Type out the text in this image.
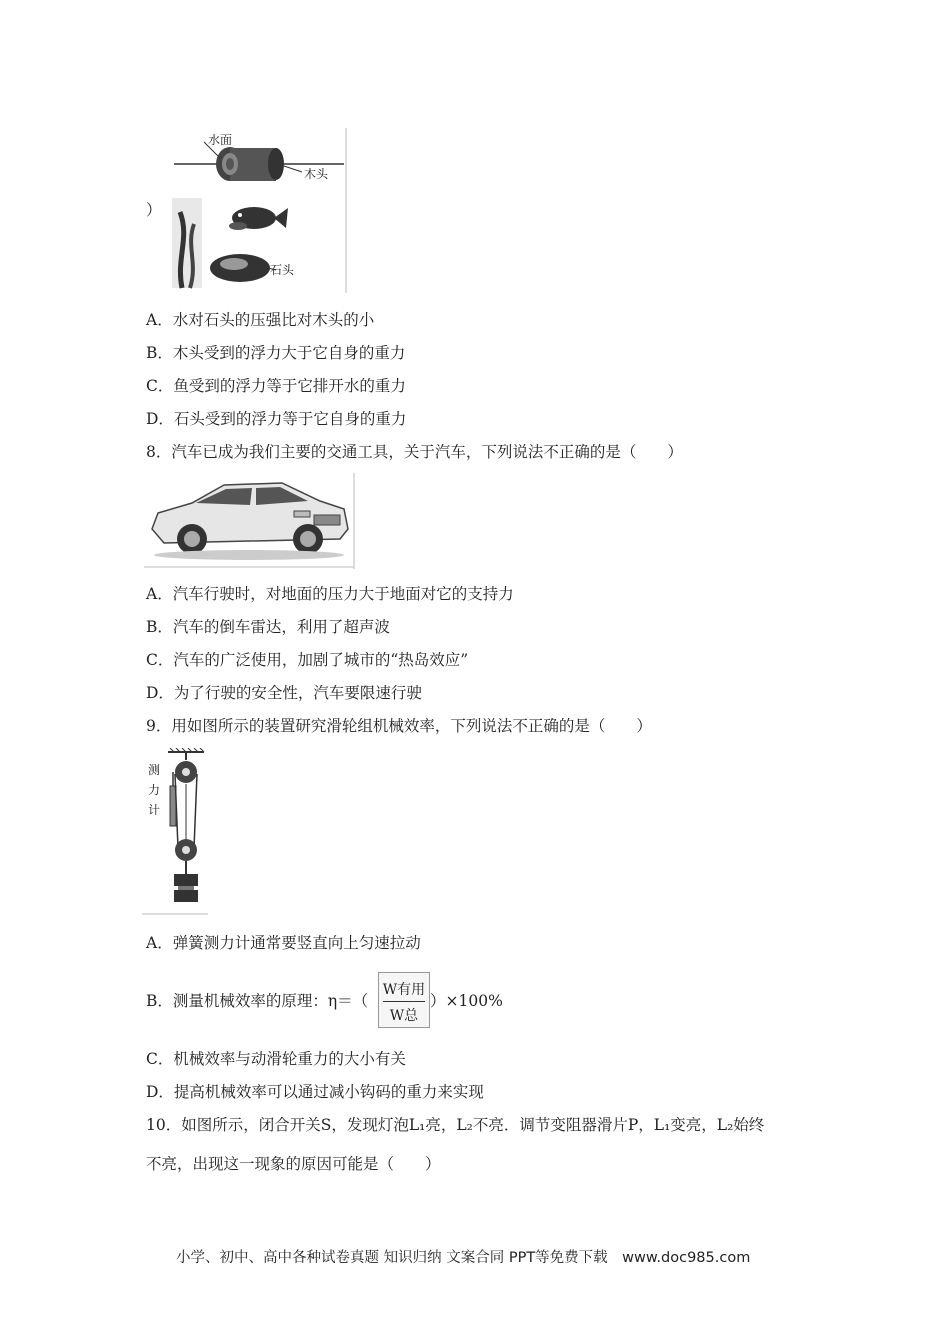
）
水面
木头
石头
A．水对石头的压强比对木头的小
B．木头受到的浮力大于它自身的重力
C．鱼受到的浮力等于它排开水的重力
D．石头受到的浮力等于它自身的重力
8．汽车已成为我们主要的交通工具，关于汽车，下列说法不正确的是（　　）
A．汽车行驶时，对地面的压力大于地面对它的支持力
B．汽车的倒车雷达，利用了超声波
C．汽车的广泛使用，加剧了城市的“热岛效应”
D．为了行驶的安全性，汽车要限速行驶
9．用如图所示的装置研究滑轮组机械效率，下列说法不正确的是（　　）
测
力
计
A．弹簧测力计通常要竖直向上匀速拉动
B．测量机械效率的原理：η＝（
W有用
W总
）×100%
C．机械效率与动滑轮重力的大小有关
D．提高机械效率可以通过减小钩码的重力来实现
10．如图所示，闭合开关S，发现灯泡L₁亮，L₂不亮．调节变阻器滑片P，L₁变亮，L₂始终
不亮，出现这一现象的原因可能是（　　）
小学、初中、高中各种试卷真题 知识归纳 文案合同 PPT等免费下载　www.doc985.com
